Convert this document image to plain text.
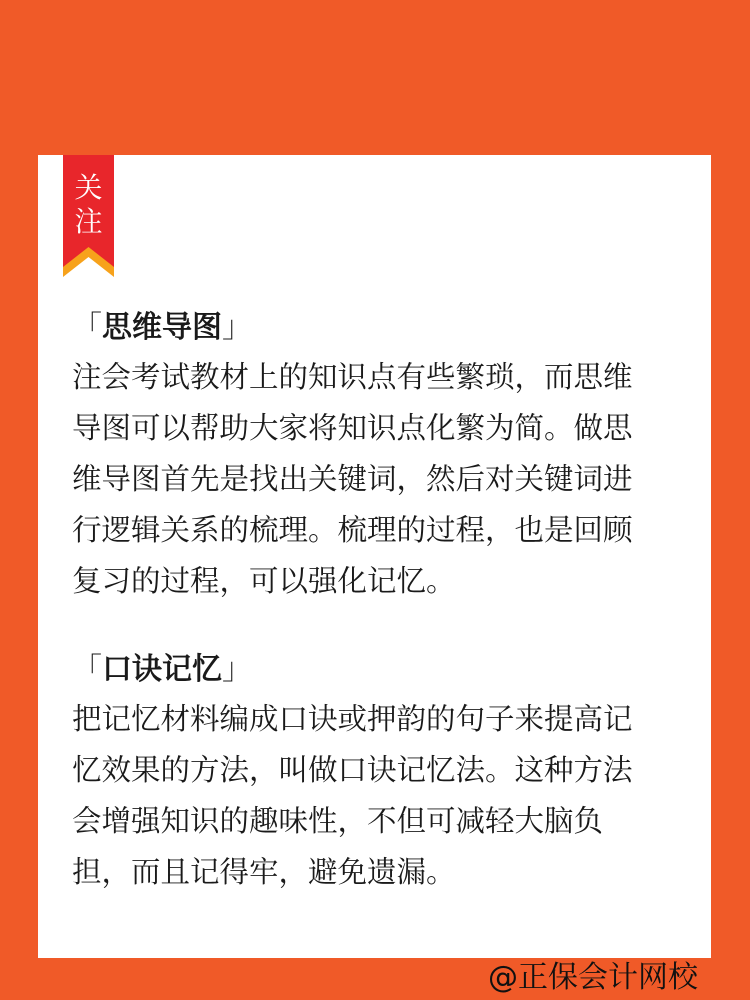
关
注
「思维导图」

注会考试教材上的知识点有些繁琐，而思维
导图可以帮助大家将知识点化繁为简。做思
维导图首先是找出关键词，然后对关键词进
行逻辑关系的梳理。梳理的过程，也是回顾
复习的过程，可以强化记忆。

「口诀记忆」

把记忆材料编成口诀或押韵的句子来提高记
忆效果的方法，叫做口诀记忆法。这种方法
会增强知识的趣味性，不但可减轻大脑负
担，而且记得牢，避免遗漏。

@正保会计网校
